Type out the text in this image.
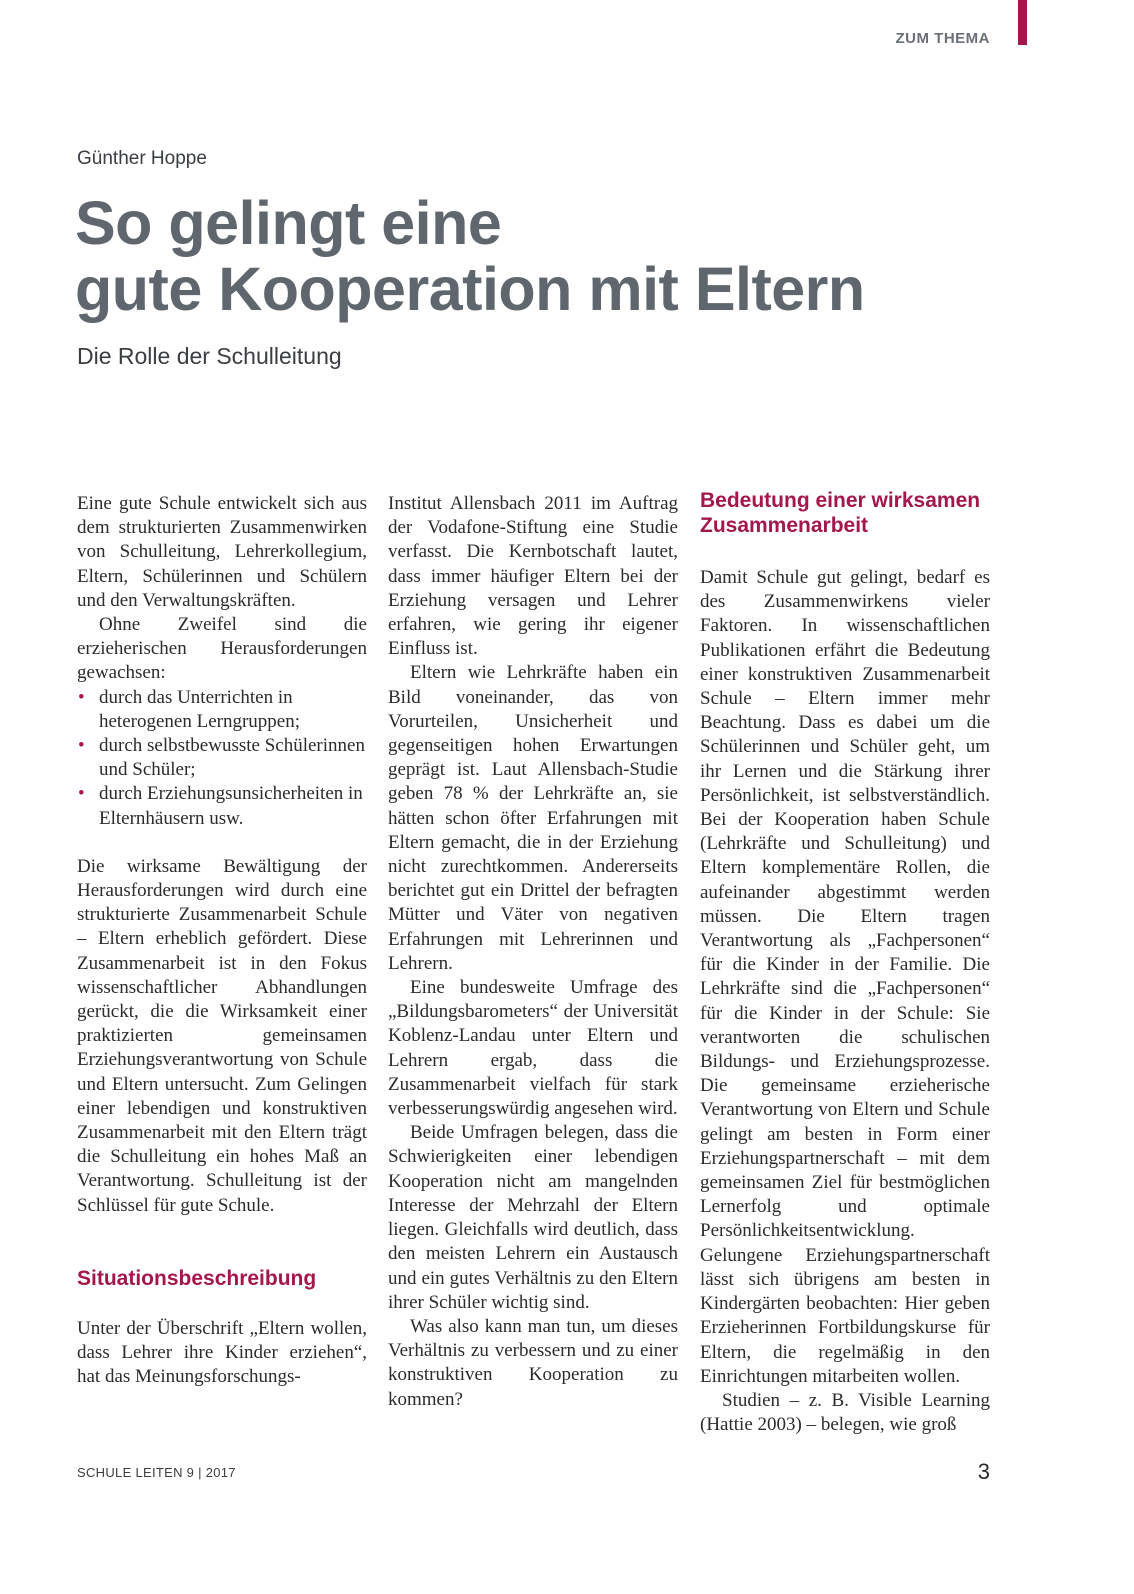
ZUM THEMA
Günther Hoppe
So gelingt eine
gute Kooperation mit Eltern
Die Rolle der Schulleitung

Eine gute Schule entwickelt sich aus dem strukturierten Zusammenwirken von Schulleitung, Lehrerkollegium, Eltern, Schülerinnen und Schülern und den Verwaltungskräften.

Ohne Zweifel sind die erzieherischen Herausforderungen gewachsen:

• durch das Unterrichten in heterogenen Lerngruppen;
• durch selbstbewusste Schülerinnen und Schüler;
• durch Erziehungsunsicherheiten in Elternhäusern usw.

Die wirksame Bewältigung der Herausforderungen wird durch eine strukturierte Zusammenarbeit Schule – Eltern erheblich gefördert. Diese Zusammenarbeit ist in den Fokus wissenschaftlicher Abhandlungen gerückt, die die Wirksamkeit einer praktizierten gemeinsamen Erziehungsverantwortung von Schule und Eltern untersucht. Zum Gelingen einer lebendigen und konstruktiven Zusammenarbeit mit den Eltern trägt die Schulleitung ein hohes Maß an Verantwortung. Schulleitung ist der Schlüssel für gute Schule.

Situationsbeschreibung

Unter der Überschrift „Eltern wollen, dass Lehrer ihre Kinder erziehen“, hat das Meinungsforschungs-

Institut Allensbach 2011 im Auftrag der Vodafone-Stiftung eine Studie verfasst. Die Kernbotschaft lautet, dass immer häufiger Eltern bei der Erziehung versagen und Lehrer erfahren, wie gering ihr eigener Einfluss ist.

Eltern wie Lehrkräfte haben ein Bild voneinander, das von Vorurteilen, Unsicherheit und gegenseitigen hohen Erwartungen geprägt ist. Laut Allensbach-Studie geben 78 % der Lehrkräfte an, sie hätten schon öfter Erfahrungen mit Eltern gemacht, die in der Erziehung nicht zurechtkommen. Andererseits berichtet gut ein Drittel der befragten Mütter und Väter von negativen Erfahrungen mit Lehrerinnen und Lehrern.

Eine bundesweite Umfrage des „Bildungsbarometers“ der Universität Koblenz-Landau unter Eltern und Lehrern ergab, dass die Zusammenarbeit vielfach für stark verbesserungswürdig angesehen wird.

Beide Umfragen belegen, dass die Schwierigkeiten einer lebendigen Kooperation nicht am mangelnden Interesse der Mehrzahl der Eltern liegen. Gleichfalls wird deutlich, dass den meisten Lehrern ein Austausch und ein gutes Verhältnis zu den Eltern ihrer Schüler wichtig sind.

Was also kann man tun, um dieses Verhältnis zu verbessern und zu einer konstruktiven Kooperation zu kommen?

Bedeutung einer wirksamen Zusammenarbeit

Damit Schule gut gelingt, bedarf es des Zusammenwirkens vieler Faktoren. In wissenschaftlichen Publikationen erfährt die Bedeutung einer konstruktiven Zusammenarbeit Schule – Eltern immer mehr Beachtung. Dass es dabei um die Schülerinnen und Schüler geht, um ihr Lernen und die Stärkung ihrer Persönlichkeit, ist selbstverständlich. Bei der Kooperation haben Schule (Lehrkräfte und Schulleitung) und Eltern komplementäre Rollen, die aufeinander abgestimmt werden müssen. Die Eltern tragen Verantwortung als „Fachpersonen“ für die Kinder in der Familie. Die Lehrkräfte sind die „Fachpersonen“ für die Kinder in der Schule: Sie verantworten die schulischen Bildungs- und Erziehungsprozesse. Die gemeinsame erzieherische Verantwortung von Eltern und Schule gelingt am besten in Form einer Erziehungspartnerschaft – mit dem gemeinsamen Ziel für bestmöglichen Lernerfolg und optimale Persönlichkeitsentwicklung. Gelungene Erziehungspartnerschaft lässt sich übrigens am besten in Kindergärten beobachten: Hier geben Erzieherinnen Fortbildungskurse für Eltern, die regelmäßig in den Einrichtungen mitarbeiten wollen.

Studien – z. B. Visible Learning (Hattie 2003) – belegen, wie groß

SCHULE LEITEN 9 | 2017	3
